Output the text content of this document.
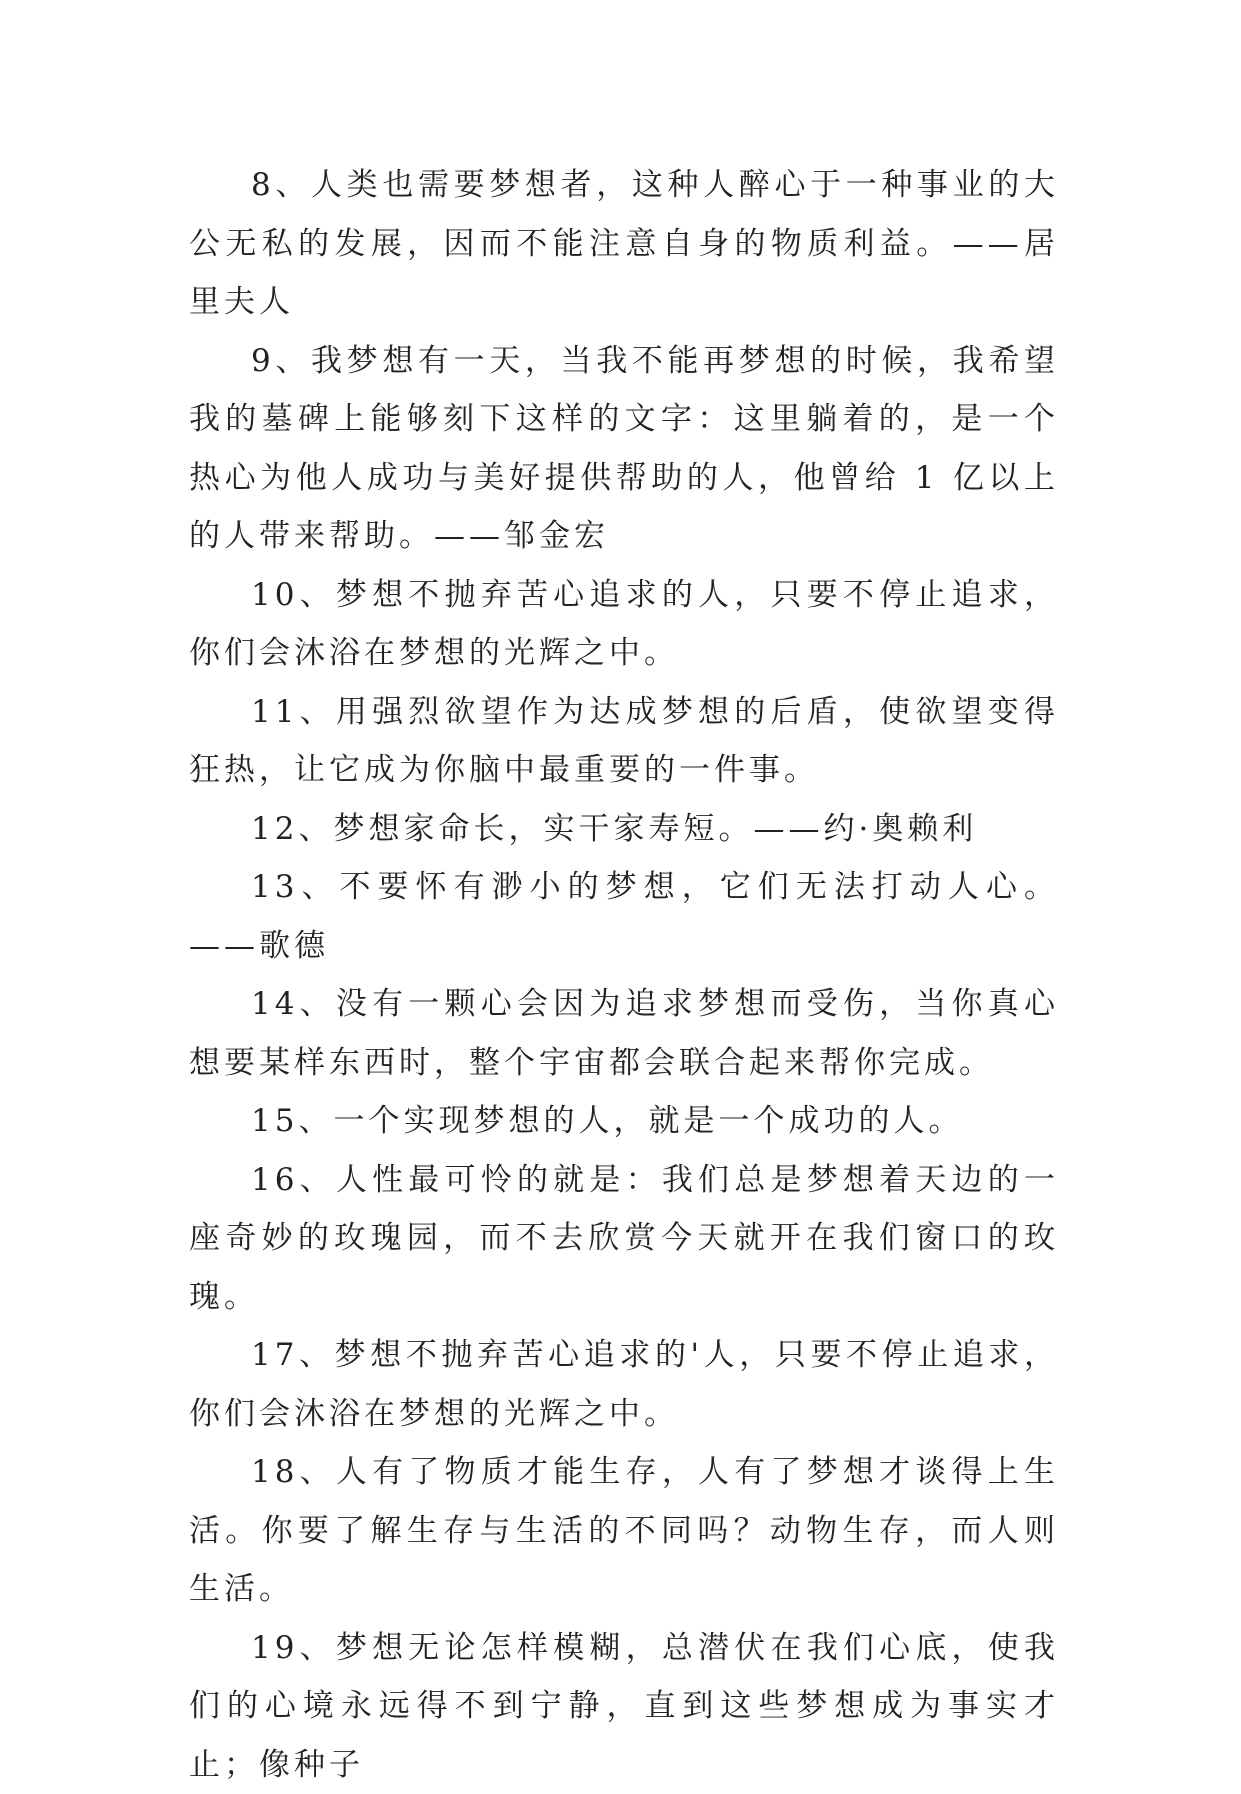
8、人类也需要梦想者，这种人醉心于一种事业的大公无私的发展，因而不能注意自身的物质利益。——居里夫人

9、我梦想有一天，当我不能再梦想的时候，我希望我的墓碑上能够刻下这样的文字：这里躺着的，是一个热心为他人成功与美好提供帮助的人，他曾给 1 亿以上的人带来帮助。——邹金宏

10、梦想不抛弃苦心追求的人，只要不停止追求，你们会沐浴在梦想的光辉之中。

11、用强烈欲望作为达成梦想的后盾，使欲望变得狂热，让它成为你脑中最重要的一件事。

12、梦想家命长，实干家寿短。——约·奥赖利

13、不要怀有渺小的梦想，它们无法打动人心。——歌德

14、没有一颗心会因为追求梦想而受伤，当你真心想要某样东西时，整个宇宙都会联合起来帮你完成。

15、一个实现梦想的人，就是一个成功的人。

16、人性最可怜的就是：我们总是梦想着天边的一座奇妙的玫瑰园，而不去欣赏今天就开在我们窗口的玫瑰。

17、梦想不抛弃苦心追求的'人，只要不停止追求，你们会沐浴在梦想的光辉之中。

18、人有了物质才能生存，人有了梦想才谈得上生活。你要了解生存与生活的不同吗？动物生存，而人则生活。

19、梦想无论怎样模糊，总潜伏在我们心底，使我们的心境永远得不到宁静，直到这些梦想成为事实才止；像种子
